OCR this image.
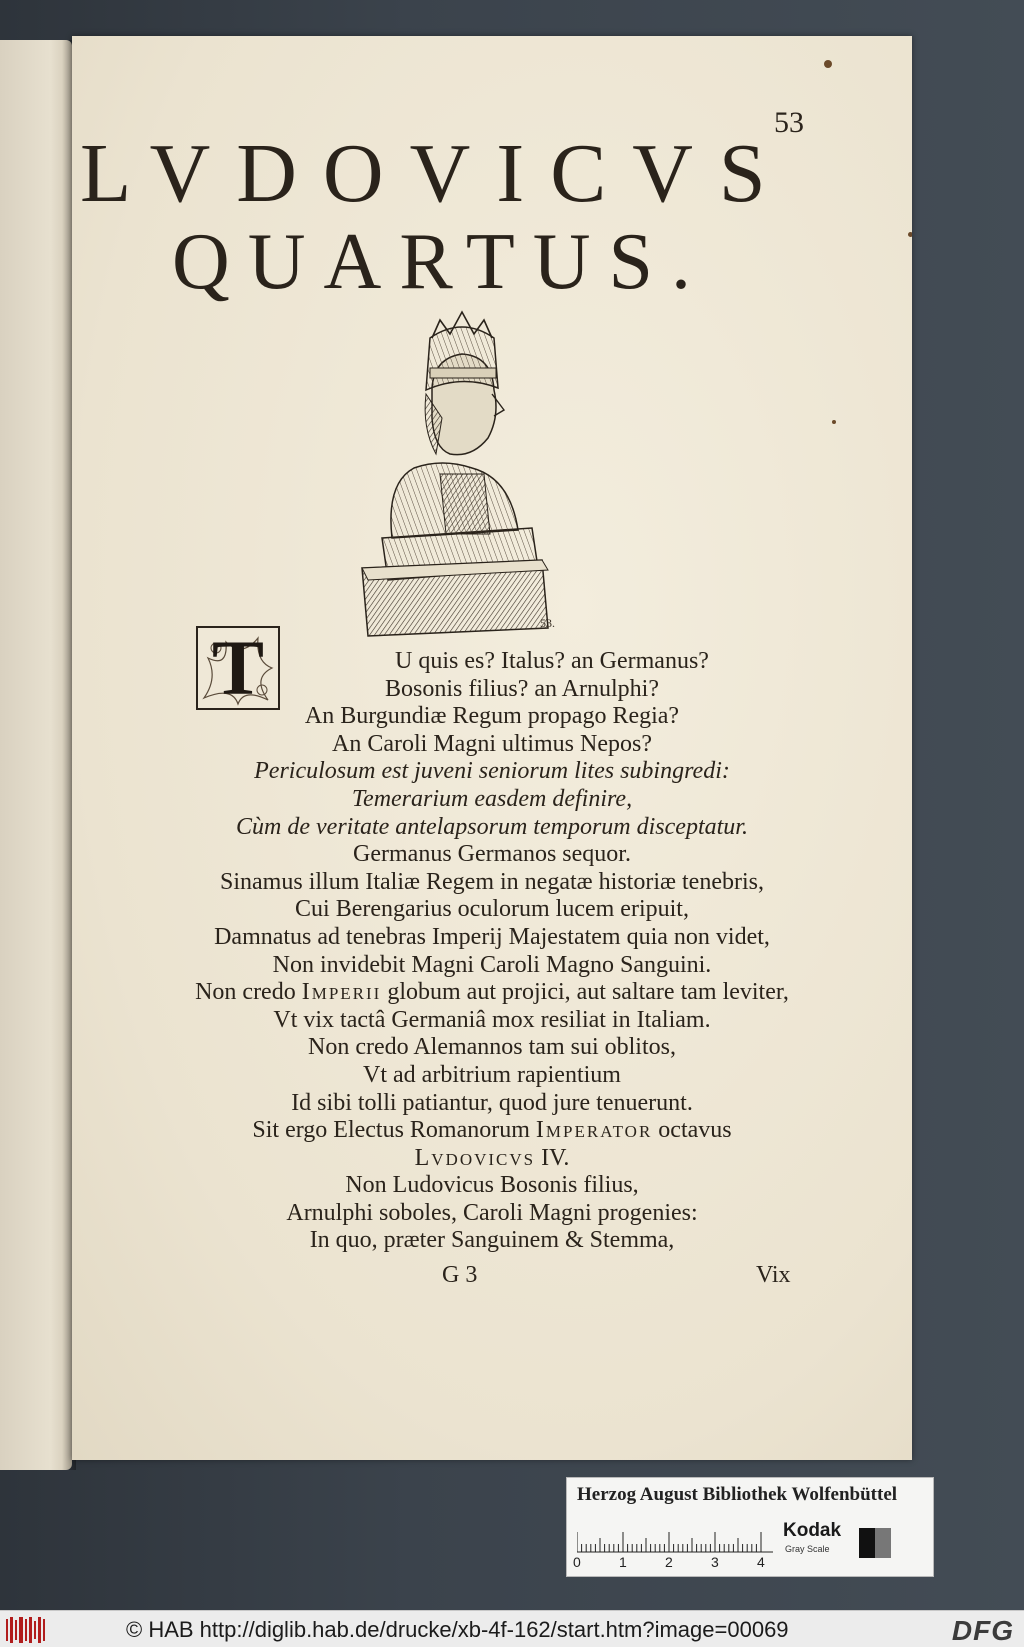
53
LVDOVICVS
QUARTUS.
53.
T	U quis es? Italus? an Germanus?
Bosonis filius? an Arnulphi?
An Burgundiæ Regum propago Regia?
An Caroli Magni ultimus Nepos?
Periculosum est juveni seniorum lites subingredi:
Temerarium easdem definire,
Cùm de veritate antelapsorum temporum disceptatur.
Germanus Germanos sequor.
Sinamus illum Italiæ Regem in negatæ historiæ tenebris,
Cui Berengarius oculorum lucem eripuit,
Damnatus ad tenebras Imperij Majestatem quia non videt,
Non invidebit Magni Caroli Magno Sanguini.
Non credo Imperii globum aut projici, aut saltare tam leviter,
Vt vix tactâ Germaniâ mox resiliat in Italiam.
Non credo Alemannos tam sui oblitos,
Vt ad arbitrium rapientium
Id sibi tolli patiantur, quod jure tenuerunt.
Sit ergo Electus Romanorum Imperator octavus
Lvdovicvs IV.
Non Ludovicus Bosonis filius,
Arnulphi soboles, Caroli Magni progenies:
In quo, præter Sanguinem & Stemma,
G 3	Vix
Herzog August Bibliothek Wolfenbüttel
0	1	2	3	4
Kodak
Gray Scale
© HAB http://diglib.hab.de/drucke/xb-4f-162/start.htm?image=00069	DFG
